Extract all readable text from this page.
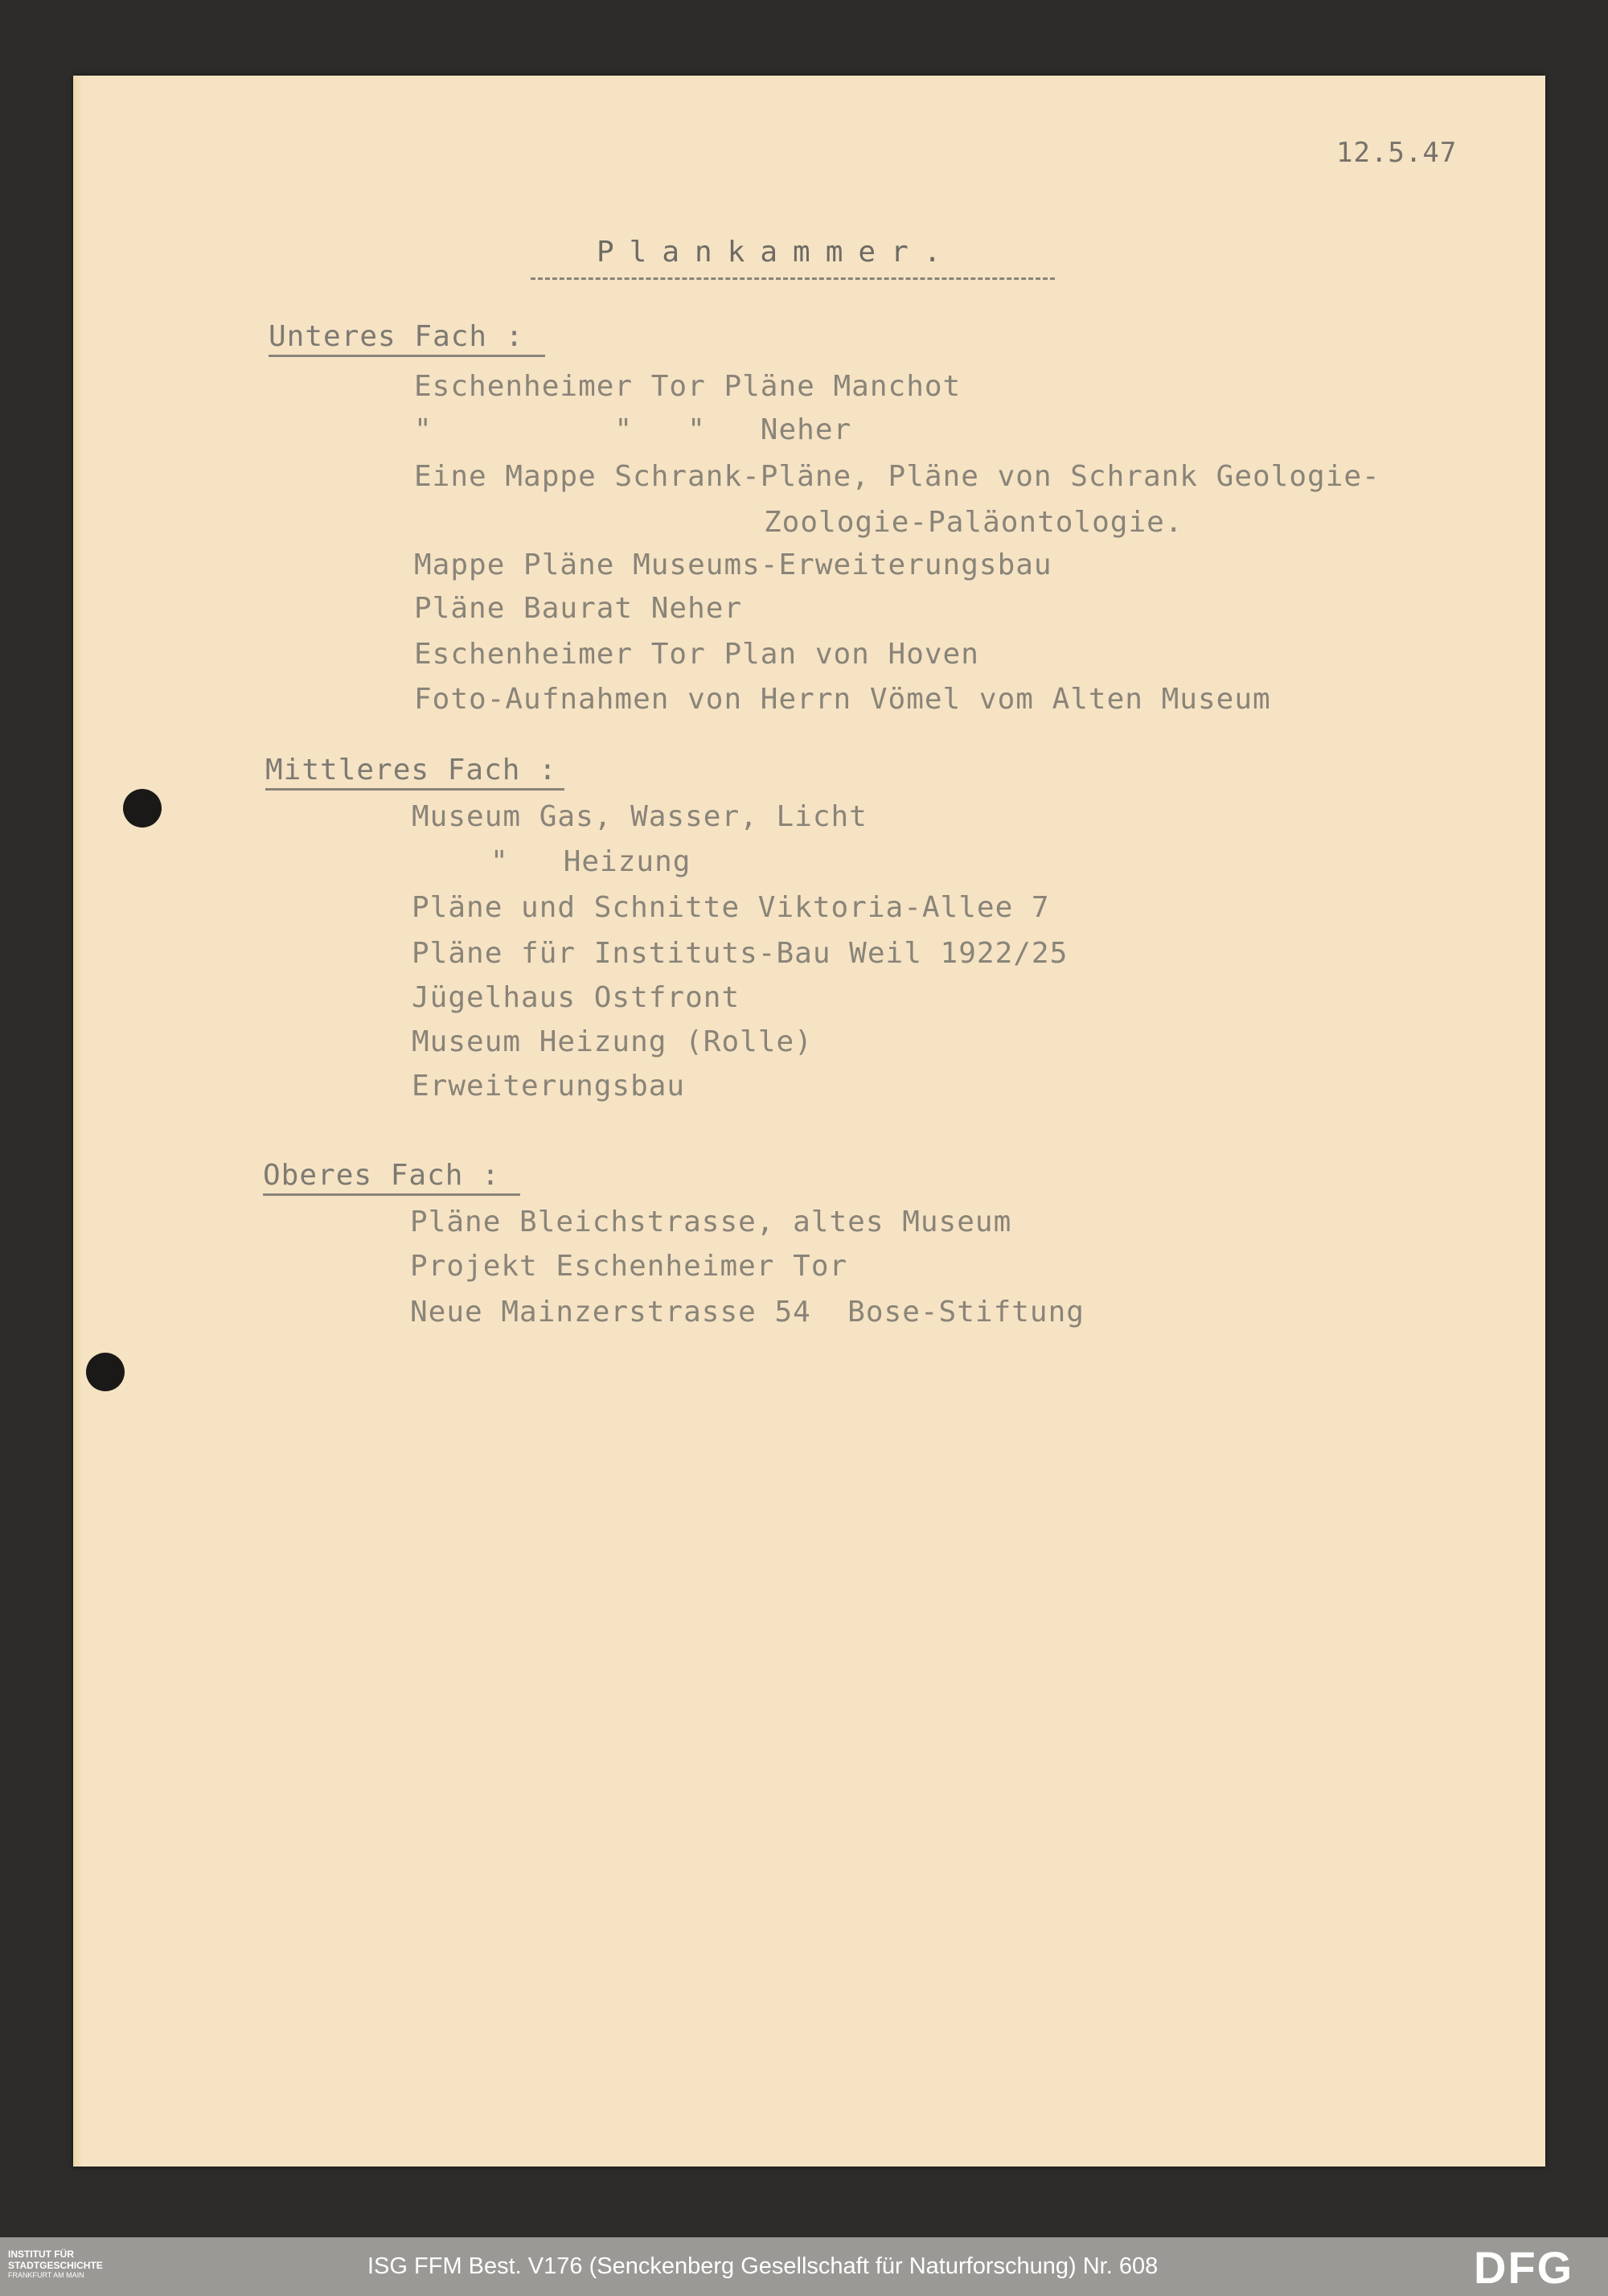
12.5.47
Plankammer.
Unteres Fach :
Eschenheimer Tor Pläne Manchot
"          "   "   Neher
Eine Mappe Schrank-Pläne, Pläne von Schrank Geologie-
Zoologie-Paläontologie.
Mappe Pläne Museums-Erweiterungsbau
Pläne Baurat Neher
Eschenheimer Tor Plan von Hoven
Foto-Aufnahmen von Herrn Vömel vom Alten Museum
Mittleres Fach :
Museum Gas, Wasser, Licht
"   Heizung
Pläne und Schnitte Viktoria-Allee 7
Pläne für Instituts-Bau Weil 1922/25
Jügelhaus Ostfront
Museum Heizung (Rolle)
Erweiterungsbau
Oberes Fach :
Pläne Bleichstrasse, altes Museum
Projekt Eschenheimer Tor
Neue Mainzerstrasse 54  Bose-Stiftung
INSTITUT FÜR
STADTGESCHICHTE
FRANKFURT AM MAIN	ISG FFM Best. V176 (Senckenberg Gesellschaft für Naturforschung) Nr. 608	DFG
